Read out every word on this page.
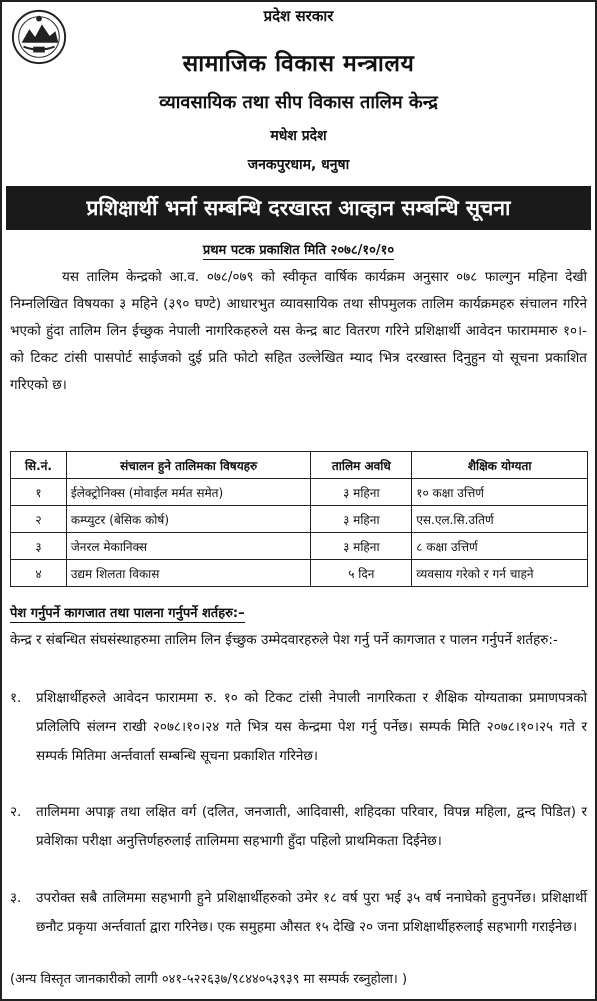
प्रदेश सरकार
सामाजिक विकास मन्त्रालय
व्यावसायिक तथा सीप विकास तालिम केन्द्र
मधेश प्रदेश
जनकपुरधाम, धनुषा
प्रशिक्षार्थी भर्ना सम्बन्धि दरखास्त आव्हान सम्बन्धि सूचना
प्रथम पटक प्रकाशित मिति २०७८/१०/१०
यस तालिम केन्द्रको आ.व. ०७८/०७९ को स्वीकृत वार्षिक कार्यक्रम अनुसार ०७८ फाल्गुन महिना देखी निम्नलिखित विषयका ३ महिने (३९० घण्टे) आधारभुत व्यावसायिक तथा सीपमुलक तालिम कार्यक्रमहरु संचालन गरिने भएको हुंदा तालिम लिन ईच्छुक नेपाली नागरिकहरुले यस केन्द्र बाट वितरण गरिने प्रशिक्षार्थी आवेदन फाराममारु १०।- को टिकट टांसी पासपोर्ट साईजको दुई प्रति फोटो सहित उल्लेखित म्याद भित्र दरखास्त दिनुहुन यो सूचना प्रकाशित गरिएको छ।
सि.नं.	संचालन हुने तालिमका विषयहरु	तालिम अवधि	शैक्षिक योग्यता
१	ईलेक्ट्रोनिक्स (मोवाईल मर्मत समेत)	३ महिना	१० कक्षा उत्तिर्ण
२	कम्प्युटर (बेसिक कोर्ष)	३ महिना	एस.एल.सि.उतिर्ण
३	जेनरल मेकानिक्स	३ महिना	८ कक्षा उत्तिर्ण
४	उद्यम शिलता विकास	५ दिन	व्यवसाय गरेको र गर्न चाहने
पेश गर्नुपर्ने कागजात तथा पालना गर्नुपर्ने शर्तहरु:–
केन्द्र र संबन्धित संघसंस्थाहरुमा तालिम लिन ईच्छुक उम्मेदवारहरुले पेश गर्नु पर्ने कागजात र पालन गर्नुपर्ने शर्तहरु:-
१.	प्रशिक्षार्थीहरुले आवेदन फाराममा रु. १० को टिकट टांसी नेपाली नागरिकता र शैक्षिक योग्यताका प्रमाणपत्रको प्रलिलिपि संलग्न राखी २०७८।१०।२४ गते भित्र यस केन्द्रमा पेश गर्नु पर्नेछ। सम्पर्क मिति २०७८।१०।२५ गते र सम्पर्क मितिमा अर्न्तवार्ता सम्बन्धि सूचना प्रकाशित गरिनेछ।
२.	तालिममा अपाङ्ग तथा लक्षित वर्ग (दलित, जनजाती, आदिवासी, शहिदका परिवार, विपन्न महिला, द्वन्द पिडित) र प्रवेशिका परीक्षा अनुत्तिर्णहरुलाई तालिममा सहभागी हुँदा पहिलो प्राथमिकता दिईनेछ।
३.	उपरोक्त सबै तालिममा सहभागी हुने प्रशिक्षार्थीहरुको उमेर १८ वर्ष पुरा भई ३५ वर्ष ननाघेको हुनुपर्नेछ। प्रशिक्षार्थी छनौट प्रकृया अर्न्तवार्ता द्वारा गरिनेछ। एक समुहमा औसत १५ देखि २० जना प्रशिक्षार्थीहरुलाई सहभागी गराईनेछ।
(अन्य विस्तृत जानकारीको लागी ०४१-५२२६३७/९८४४०५३९३९ मा सम्पर्क रब्नुहोला। )
